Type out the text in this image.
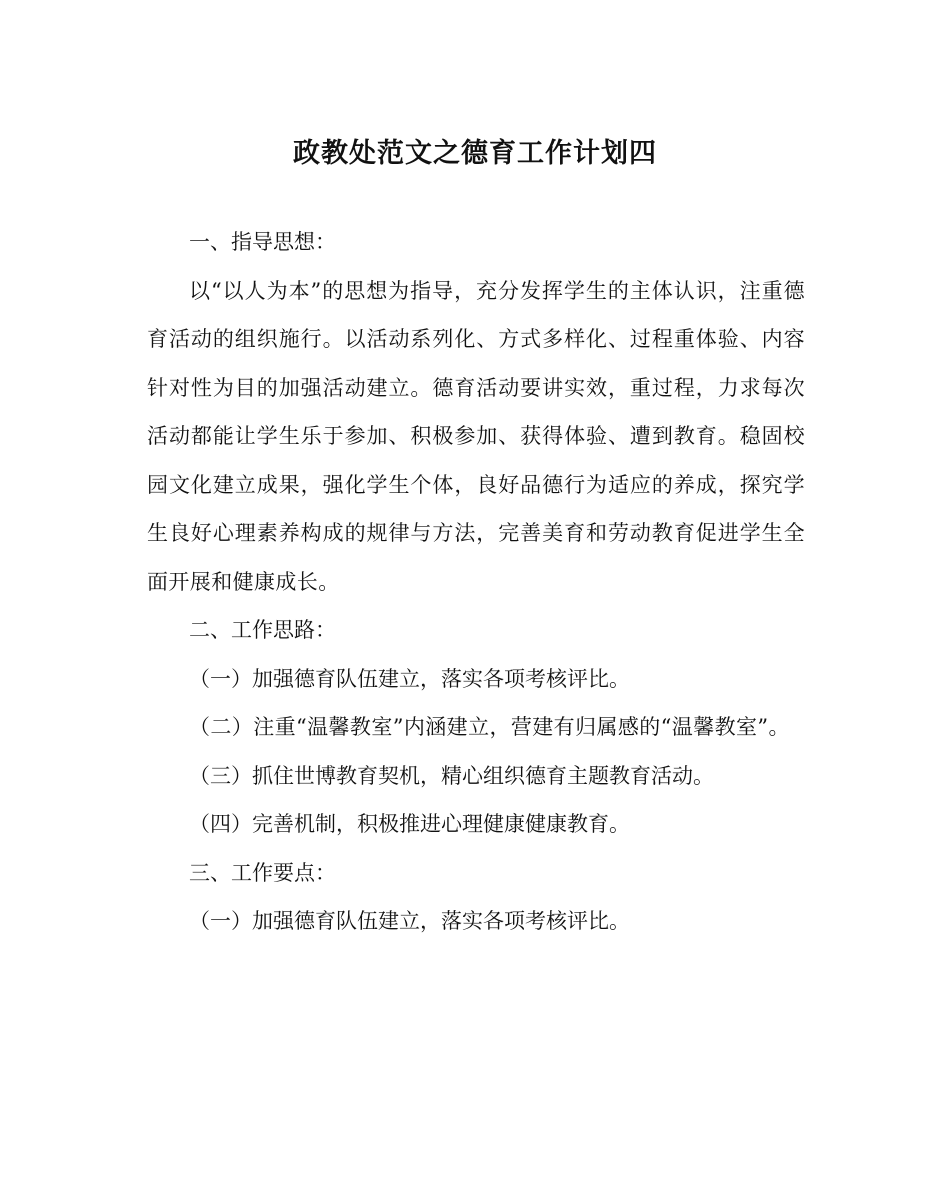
政教处范文之德育工作计划四

一、指导思想：

以“以人为本”的思想为指导，充分发挥学生的主体认识，注重德育活动的组织施行。以活动系列化、方式多样化、过程重体验、内容针对性为目的加强活动建立。德育活动要讲实效，重过程，力求每次活动都能让学生乐于参加、积极参加、获得体验、遭到教育。稳固校园文化建立成果，强化学生个体，良好品德行为适应的养成，探究学生良好心理素养构成的规律与方法，完善美育和劳动教育促进学生全面开展和健康成长。

二、工作思路：

（一）加强德育队伍建立，落实各项考核评比。

（二）注重“温馨教室”内涵建立，营建有归属感的“温馨教室”。

（三）抓住世博教育契机，精心组织德育主题教育活动。

（四）完善机制，积极推进心理健康健康教育。

三、工作要点：

（一）加强德育队伍建立，落实各项考核评比。
